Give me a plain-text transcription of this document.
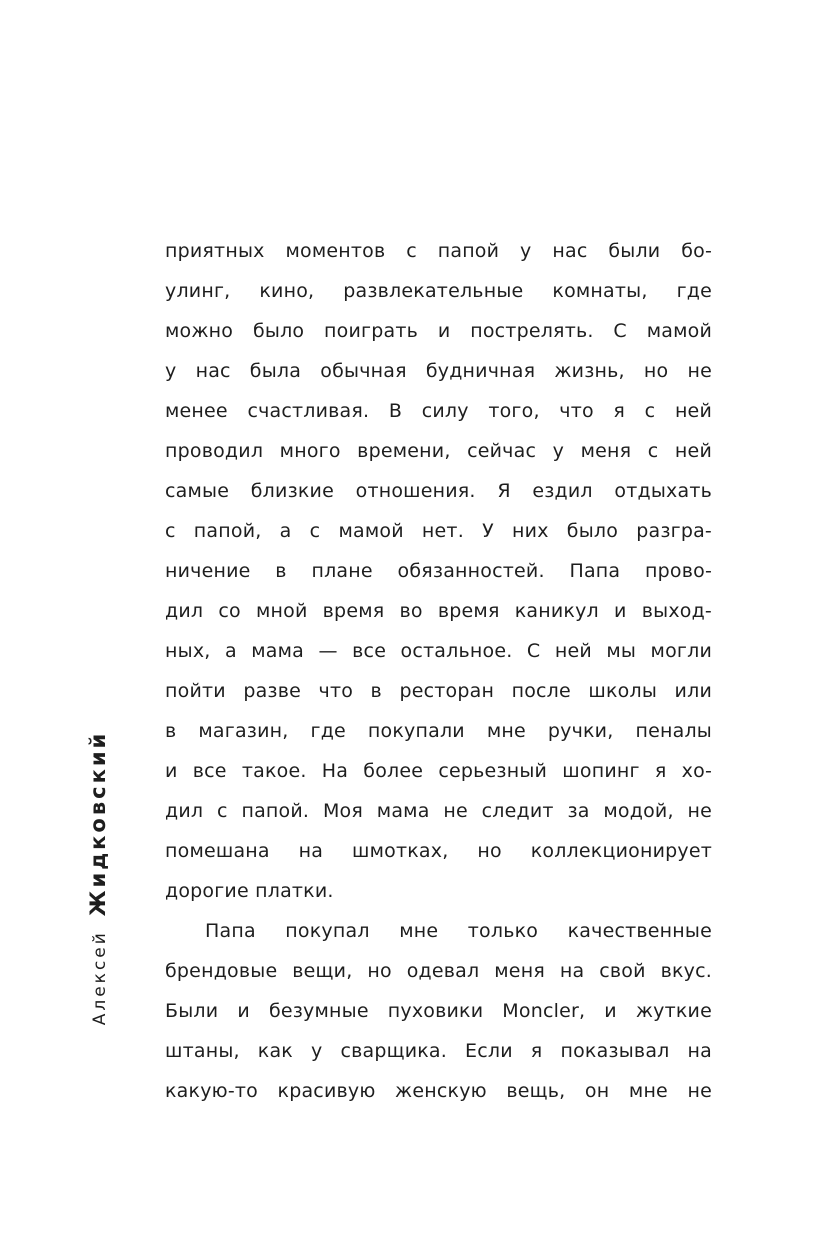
Алексей
Жидковский
приятных моментов с папой у нас были бо-
улинг, кино, развлекательные комнаты, где
можно было поиграть и пострелять. С мамой
у нас была обычная будничная жизнь, но не
менее счастливая. В силу того, что я с ней
проводил много времени, сейчас у меня с ней
самые близкие отношения. Я ездил отдыхать
с папой, а с мамой нет. У них было разгра-
ничение в плане обязанностей. Папа прово-
дил со мной время во время каникул и выход-
ных, а мама — все остальное. С ней мы могли
пойти разве что в ресторан после школы или
в магазин, где покупали мне ручки, пеналы
и все такое. На более серьезный шопинг я хо-
дил с папой. Моя мама не следит за модой, не
помешана на шмотках, но коллекционирует
дорогие платки.
Папа покупал мне только качественные
брендовые вещи, но одевал меня на свой вкус.
Были и безумные пуховики Moncler, и жуткие
штаны, как у сварщика. Если я показывал на
какую-то красивую женскую вещь, он мне не
